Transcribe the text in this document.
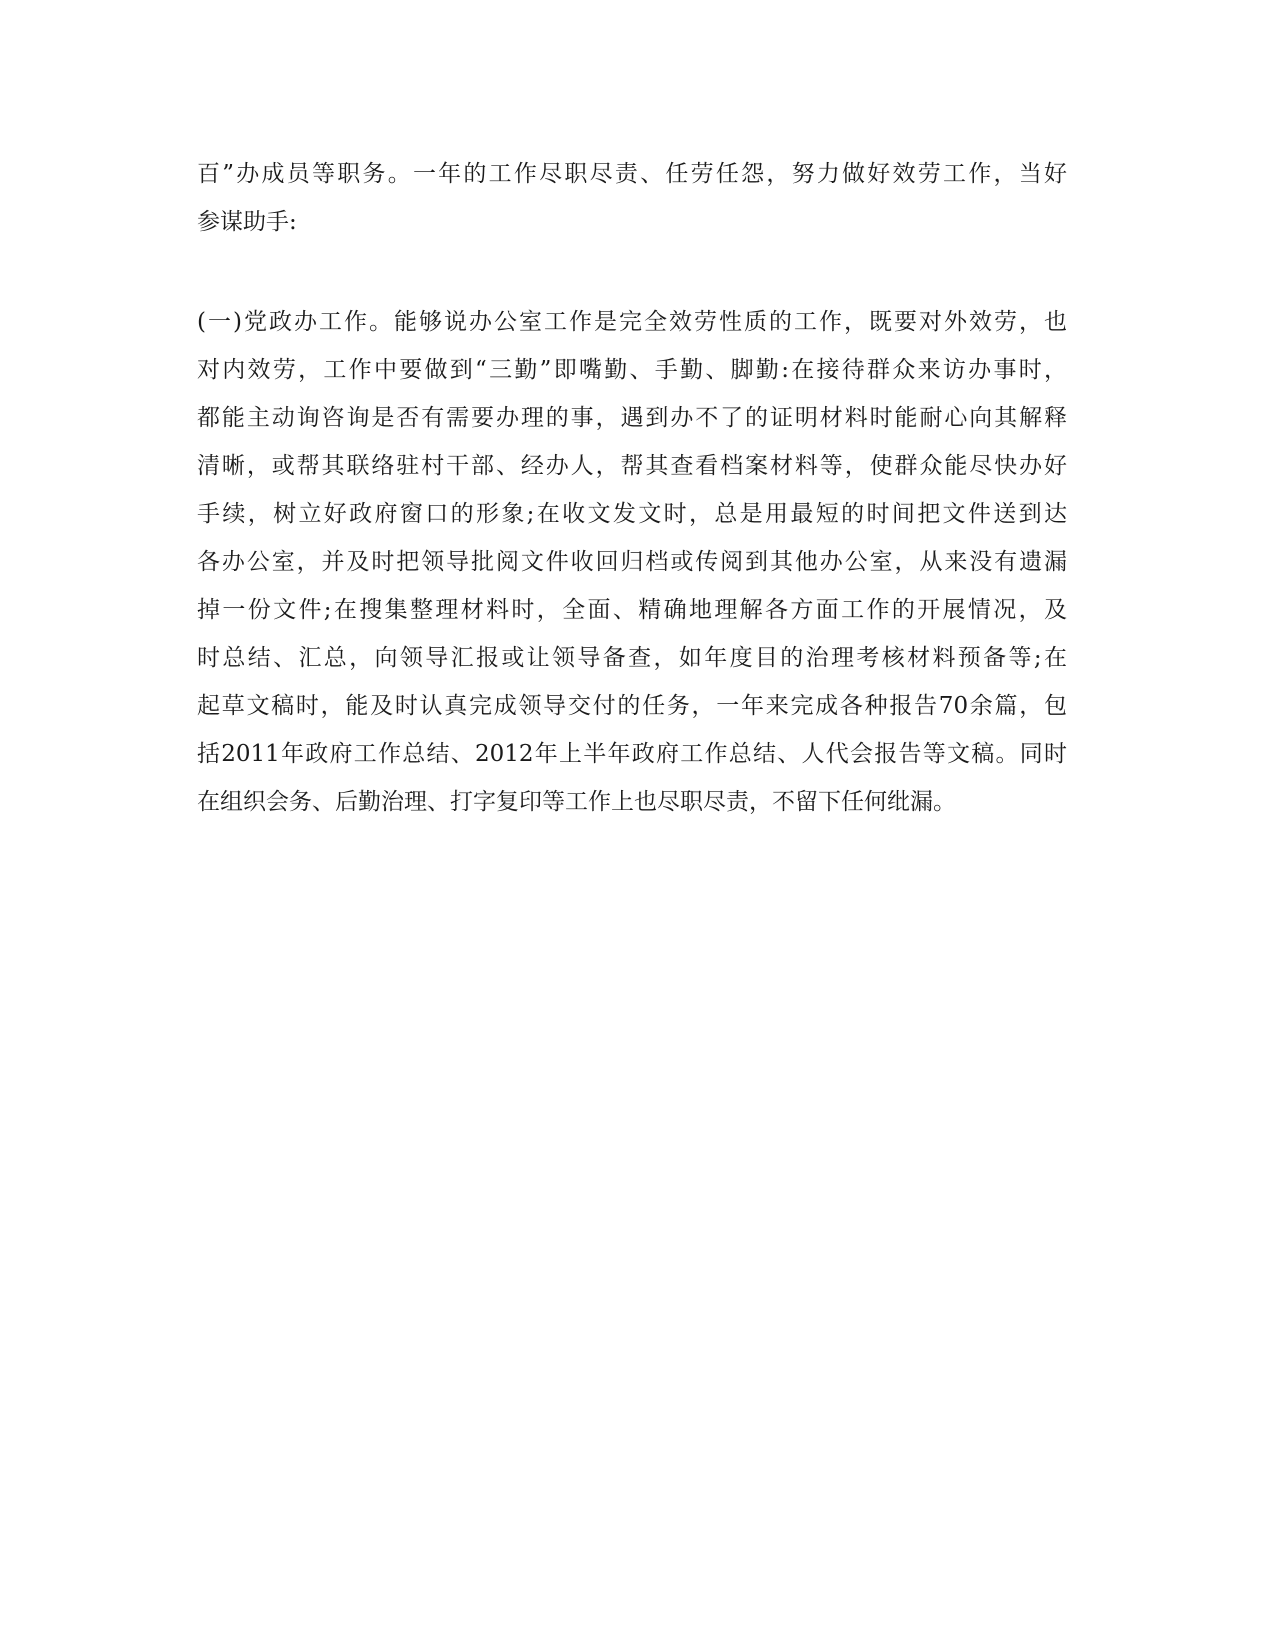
百”办成员等职务。一年的工作尽职尽责、任劳任怨，努力做好效劳工作，当好
参谋助手:
(一)党政办工作。能够说办公室工作是完全效劳性质的工作，既要对外效劳，也
对内效劳，工作中要做到“三勤”即嘴勤、手勤、脚勤:在接待群众来访办事时，
都能主动询咨询是否有需要办理的事，遇到办不了的证明材料时能耐心向其解释
清晰，或帮其联络驻村干部、经办人，帮其查看档案材料等，使群众能尽快办好
手续，树立好政府窗口的形象;在收文发文时，总是用最短的时间把文件送到达
各办公室，并及时把领导批阅文件收回归档或传阅到其他办公室，从来没有遗漏
掉一份文件;在搜集整理材料时，全面、精确地理解各方面工作的开展情况，及
时总结、汇总，向领导汇报或让领导备查，如年度目的治理考核材料预备等;在
起草文稿时，能及时认真完成领导交付的任务，一年来完成各种报告70余篇，包
括2011年政府工作总结、2012年上半年政府工作总结、人代会报告等文稿。同时
在组织会务、后勤治理、打字复印等工作上也尽职尽责，不留下任何纰漏。
